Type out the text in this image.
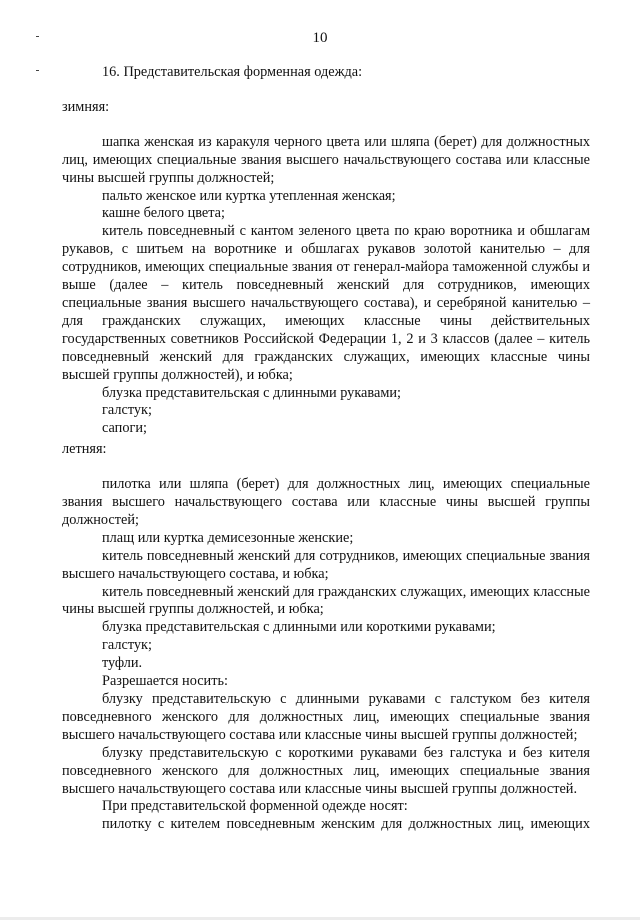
10

16. Представительская форменная одежда:

зимняя:

шапка женская из каракуля черного цвета или шляпа (берет) для должностных лиц, имеющих специальные звания высшего начальствующего состава или классные чины высшей группы должностей;

пальто женское или куртка утепленная женская;

кашне белого цвета;

китель повседневный с кантом зеленого цвета по краю воротника и обшлагам рукавов, с шитьем на воротнике и обшлагах рукавов золотой канителью – для сотрудников, имеющих специальные звания от генерал-майора таможенной службы и выше (далее – китель повседневный женский для сотрудников, имеющих специальные звания высшего начальствующего состава), и серебряной канителью – для гражданских служащих, имеющих классные чины действительных государственных советников Российской Федерации 1, 2 и 3 классов (далее – китель повседневный женский для гражданских служащих, имеющих классные чины высшей группы должностей), и юбка;

блузка представительская с длинными рукавами;

галстук;

сапоги;

летняя:

пилотка или шляпа (берет) для должностных лиц, имеющих специальные звания высшего начальствующего состава или классные чины высшей группы должностей;

плащ или куртка демисезонные женские;

китель повседневный женский для сотрудников, имеющих специальные звания высшего начальствующего состава, и юбка;

китель повседневный женский для гражданских служащих, имеющих классные чины высшей группы должностей, и юбка;

блузка представительская с длинными или короткими рукавами;

галстук;

туфли.

Разрешается носить:

блузку представительскую с длинными рукавами с галстуком без кителя повседневного женского для должностных лиц, имеющих специальные звания высшего начальствующего состава или классные чины высшей группы должностей;

блузку представительскую с короткими рукавами без галстука и без кителя повседневного женского для должностных лиц, имеющих специальные звания высшего начальствующего состава или классные чины высшей группы должностей.

При представительской форменной одежде носят:

пилотку с кителем повседневным женским для должностных лиц, имеющих
